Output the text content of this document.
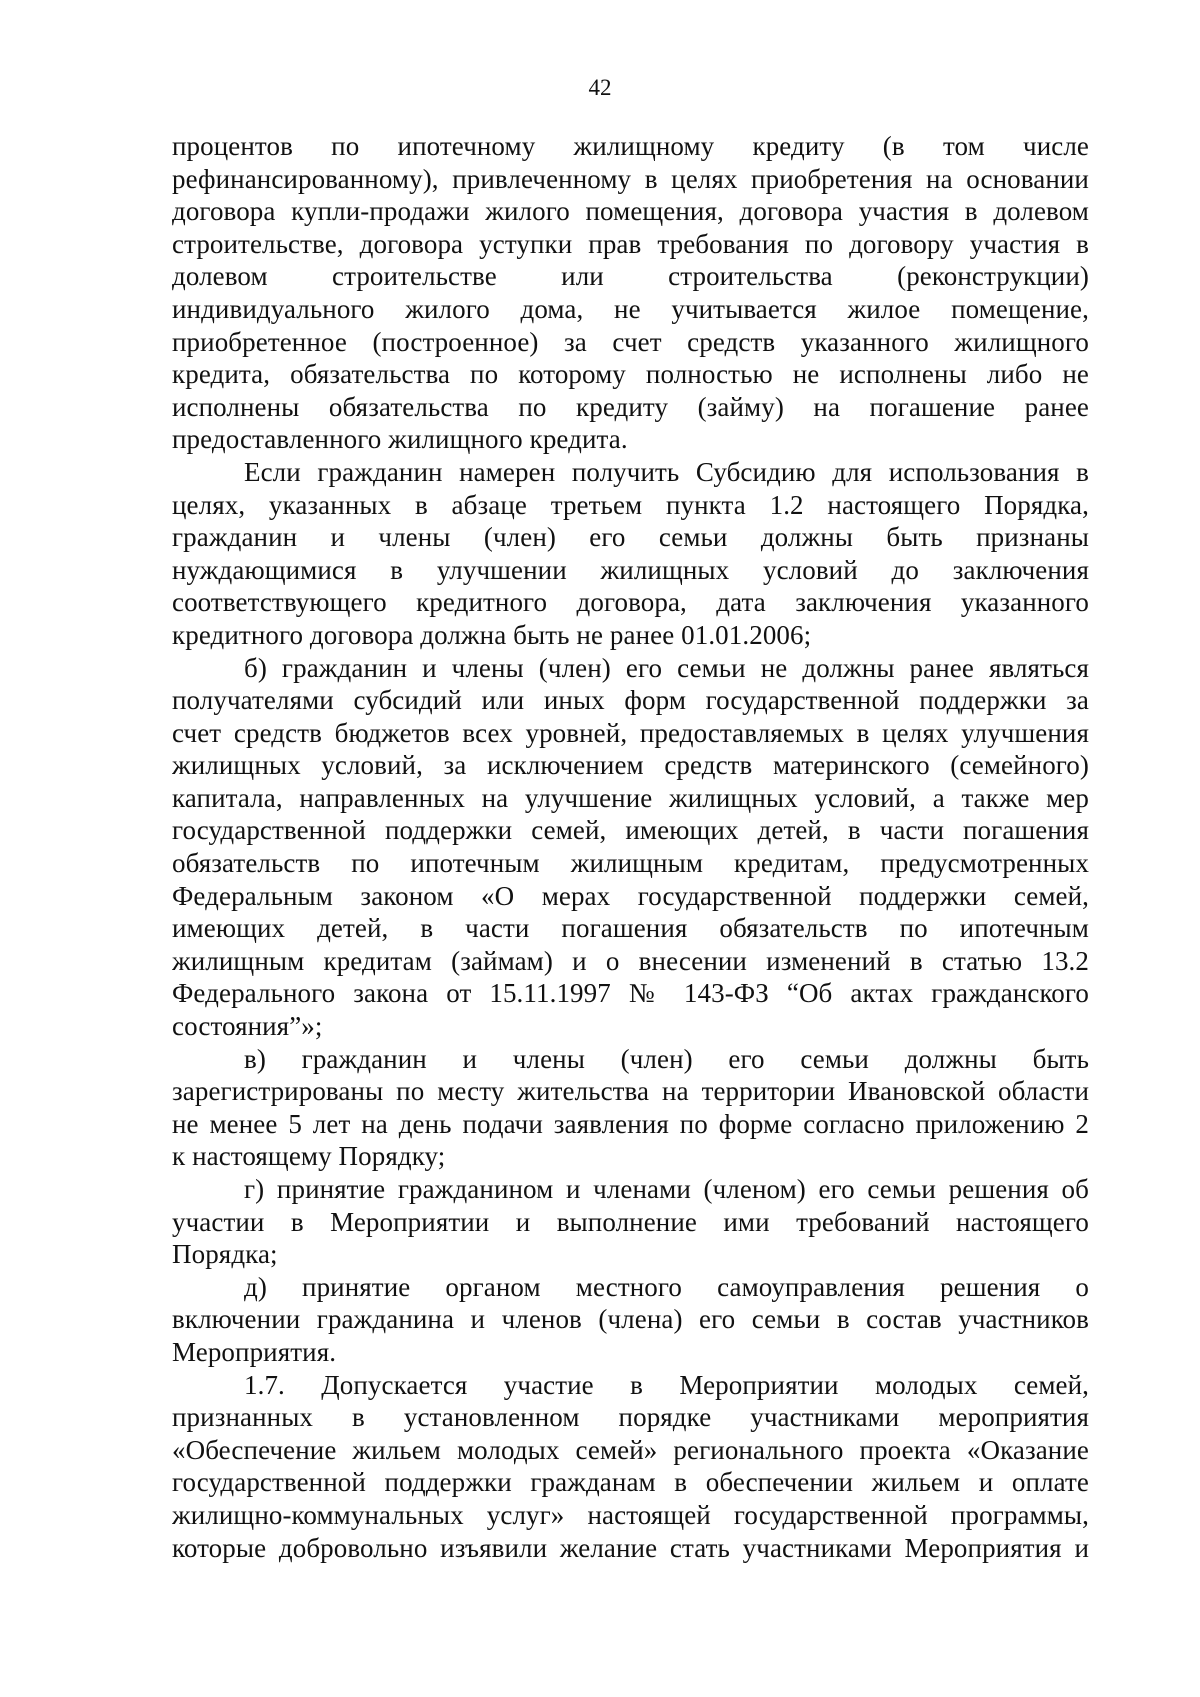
42
процентов по ипотечному жилищному кредиту (в том числе
рефинансированному), привлеченному в целях приобретения на основании
договора купли-продажи жилого помещения, договора участия в долевом
строительстве, договора уступки прав требования по договору участия в
долевом строительстве или строительства (реконструкции)
индивидуального жилого дома, не учитывается жилое помещение,
приобретенное (построенное) за счет средств указанного жилищного
кредита, обязательства по которому полностью не исполнены либо не
исполнены обязательства по кредиту (займу) на погашение ранее
предоставленного жилищного кредита.
Если гражданин намерен получить Субсидию для использования в
целях, указанных в абзаце третьем пункта 1.2 настоящего Порядка,
гражданин и члены (член) его семьи должны быть признаны
нуждающимися в улучшении жилищных условий до заключения
соответствующего кредитного договора, дата заключения указанного
кредитного договора должна быть не ранее 01.01.2006;
б) гражданин и члены (член) его семьи не должны ранее являться
получателями субсидий или иных форм государственной поддержки за
счет средств бюджетов всех уровней, предоставляемых в целях улучшения
жилищных условий, за исключением средств материнского (семейного)
капитала, направленных на улучшение жилищных условий, а также мер
государственной поддержки семей, имеющих детей, в части погашения
обязательств по ипотечным жилищным кредитам, предусмотренных
Федеральным законом «О мерах государственной поддержки семей,
имеющих детей, в части погашения обязательств по ипотечным
жилищным кредитам (займам) и о внесении изменений в статью 13.2
Федерального закона от 15.11.1997 № 143-ФЗ “Об актах гражданского
состояния”»;
в) гражданин и члены (член) его семьи должны быть
зарегистрированы по месту жительства на территории Ивановской области
не менее 5 лет на день подачи заявления по форме согласно приложению 2
к настоящему Порядку;
г) принятие гражданином и членами (членом) его семьи решения об
участии в Мероприятии и выполнение ими требований настоящего
Порядка;
д) принятие органом местного самоуправления решения о
включении гражданина и членов (члена) его семьи в состав участников
Мероприятия.
1.7. Допускается участие в Мероприятии молодых семей,
признанных в установленном порядке участниками мероприятия
«Обеспечение жильем молодых семей» регионального проекта «Оказание
государственной поддержки гражданам в обеспечении жильем и оплате
жилищно-коммунальных услуг» настоящей государственной программы,
которые добровольно изъявили желание стать участниками Мероприятия и
